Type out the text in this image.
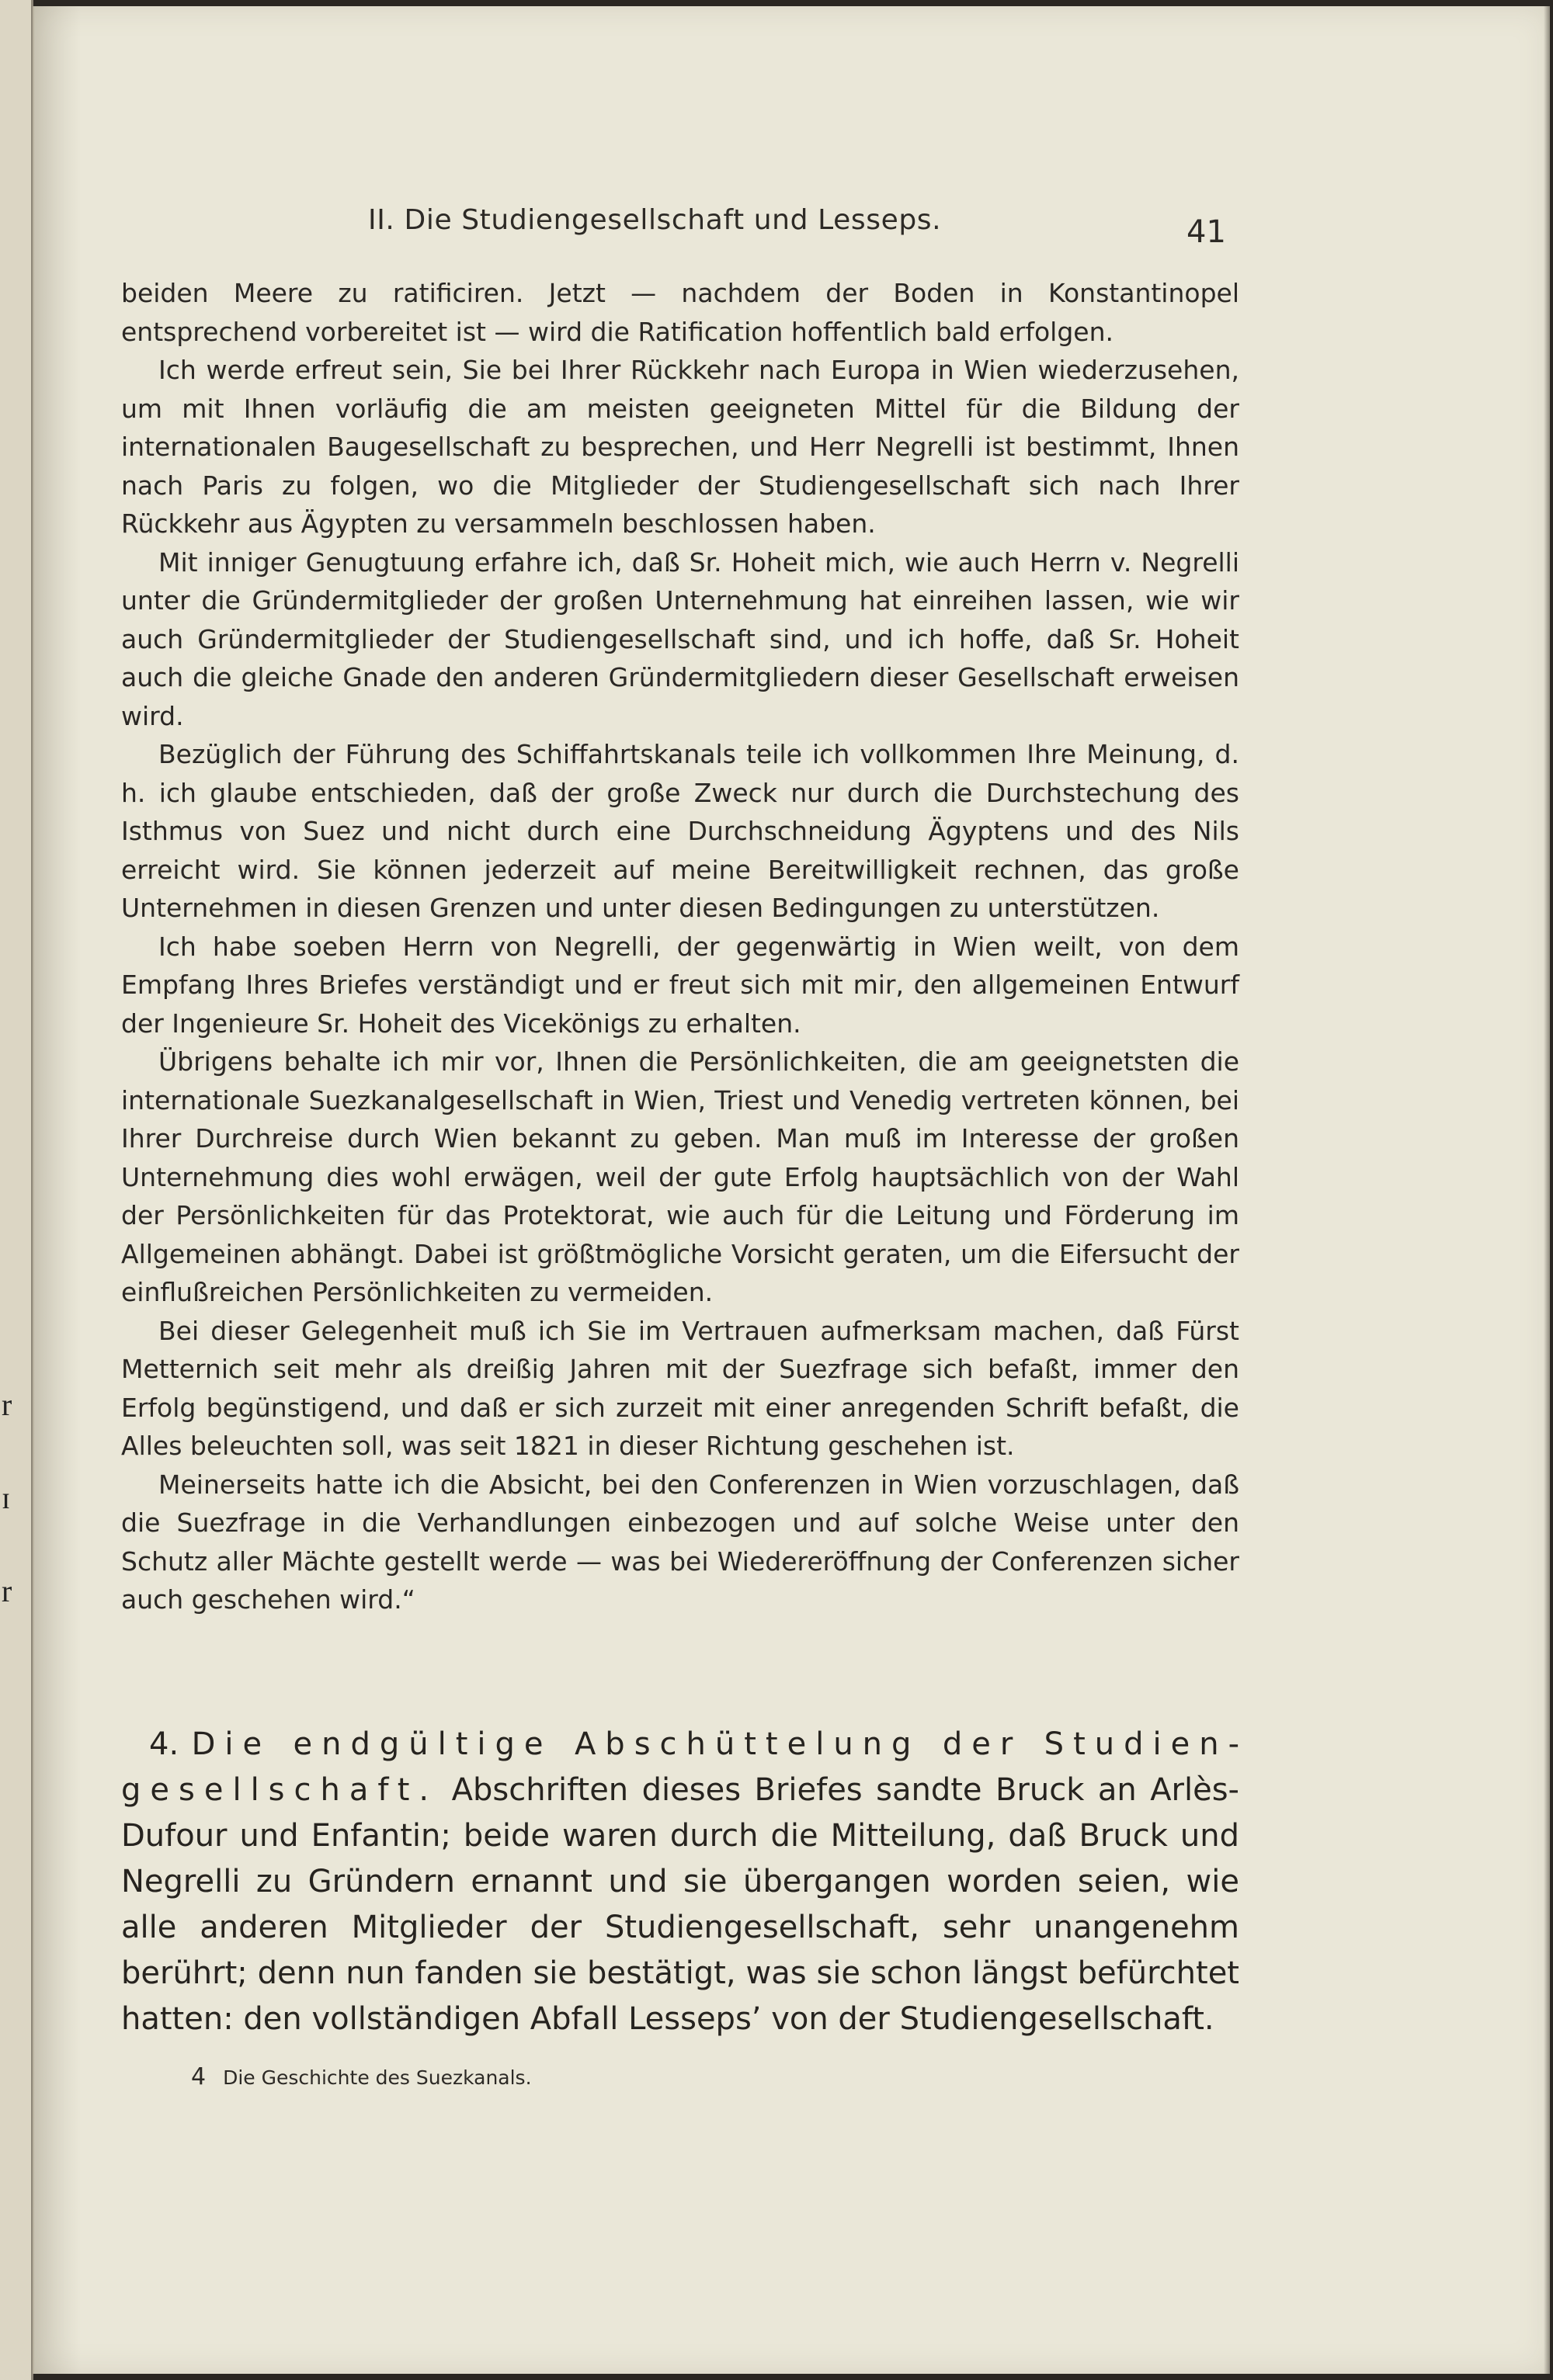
r
ɪ
r
II. Die Studiengesellschaft und Lesseps.	41

beiden Meere zu ratificiren. Jetzt — nachdem der Boden in Konstantinopel entsprechend vorbereitet ist — wird die Ratification hoffentlich bald erfolgen.

Ich werde erfreut sein, Sie bei Ihrer Rückkehr nach Europa in Wien wiederzusehen, um mit Ihnen vorläufig die am meisten geeigneten Mittel für die Bildung der internationalen Baugesellschaft zu besprechen, und Herr Negrelli ist bestimmt, Ihnen nach Paris zu folgen, wo die Mitglieder der Studiengesellschaft sich nach Ihrer Rückkehr aus Ägypten zu versammeln beschlossen haben.

Mit inniger Genugtuung erfahre ich, daß Sr. Hoheit mich, wie auch Herrn v. Negrelli unter die Gründermitglieder der großen Unternehmung hat einreihen lassen, wie wir auch Gründermitglieder der Studiengesellschaft sind, und ich hoffe, daß Sr. Hoheit auch die gleiche Gnade den anderen Gründermitgliedern dieser Gesellschaft erweisen wird.

Bezüglich der Führung des Schiffahrtskanals teile ich vollkommen Ihre Meinung, d. h. ich glaube entschieden, daß der große Zweck nur durch die Durchstechung des Isthmus von Suez und nicht durch eine Durchschneidung Ägyptens und des Nils erreicht wird. Sie können jederzeit auf meine Bereitwilligkeit rechnen, das große Unternehmen in diesen Grenzen und unter diesen Bedingungen zu unterstützen.

Ich habe soeben Herrn von Negrelli, der gegenwärtig in Wien weilt, von dem Empfang Ihres Briefes verständigt und er freut sich mit mir, den allgemeinen Entwurf der Ingenieure Sr. Hoheit des Vicekönigs zu erhalten.

Übrigens behalte ich mir vor, Ihnen die Persönlichkeiten, die am geeignetsten die internationale Suezkanalgesellschaft in Wien, Triest und Venedig vertreten können, bei Ihrer Durchreise durch Wien bekannt zu geben. Man muß im Interesse der großen Unternehmung dies wohl erwägen, weil der gute Erfolg hauptsächlich von der Wahl der Persönlichkeiten für das Protektorat, wie auch für die Leitung und Förderung im Allgemeinen abhängt. Dabei ist größtmögliche Vorsicht geraten, um die Eifersucht der einflußreichen Persönlichkeiten zu vermeiden.

Bei dieser Gelegenheit muß ich Sie im Vertrauen aufmerksam machen, daß Fürst Metternich seit mehr als dreißig Jahren mit der Suezfrage sich befaßt, immer den Erfolg begünstigend, und daß er sich zurzeit mit einer anregenden Schrift befaßt, die Alles beleuchten soll, was seit 1821 in dieser Richtung geschehen ist.

Meinerseits hatte ich die Absicht, bei den Conferenzen in Wien vorzuschlagen, daß die Suezfrage in die Verhandlungen einbezogen und auf solche Weise unter den Schutz aller Mächte gestellt werde — was bei Wiedereröffnung der Conferenzen sicher auch geschehen wird.“

4. Die endgültige Abschüttelung der Studiengesellschaft. Abschriften dieses Briefes sandte Bruck an Arlès-Dufour und Enfantin; beide waren durch die Mitteilung, daß Bruck und Negrelli zu Gründern ernannt und sie übergangen worden seien, wie alle anderen Mitglieder der Studiengesellschaft, sehr unangenehm berührt; denn nun fanden sie bestätigt, was sie schon längst befürchtet hatten: den vollständigen Abfall Lesseps’ von der Studiengesellschaft.

4 Die Geschichte des Suezkanals.
